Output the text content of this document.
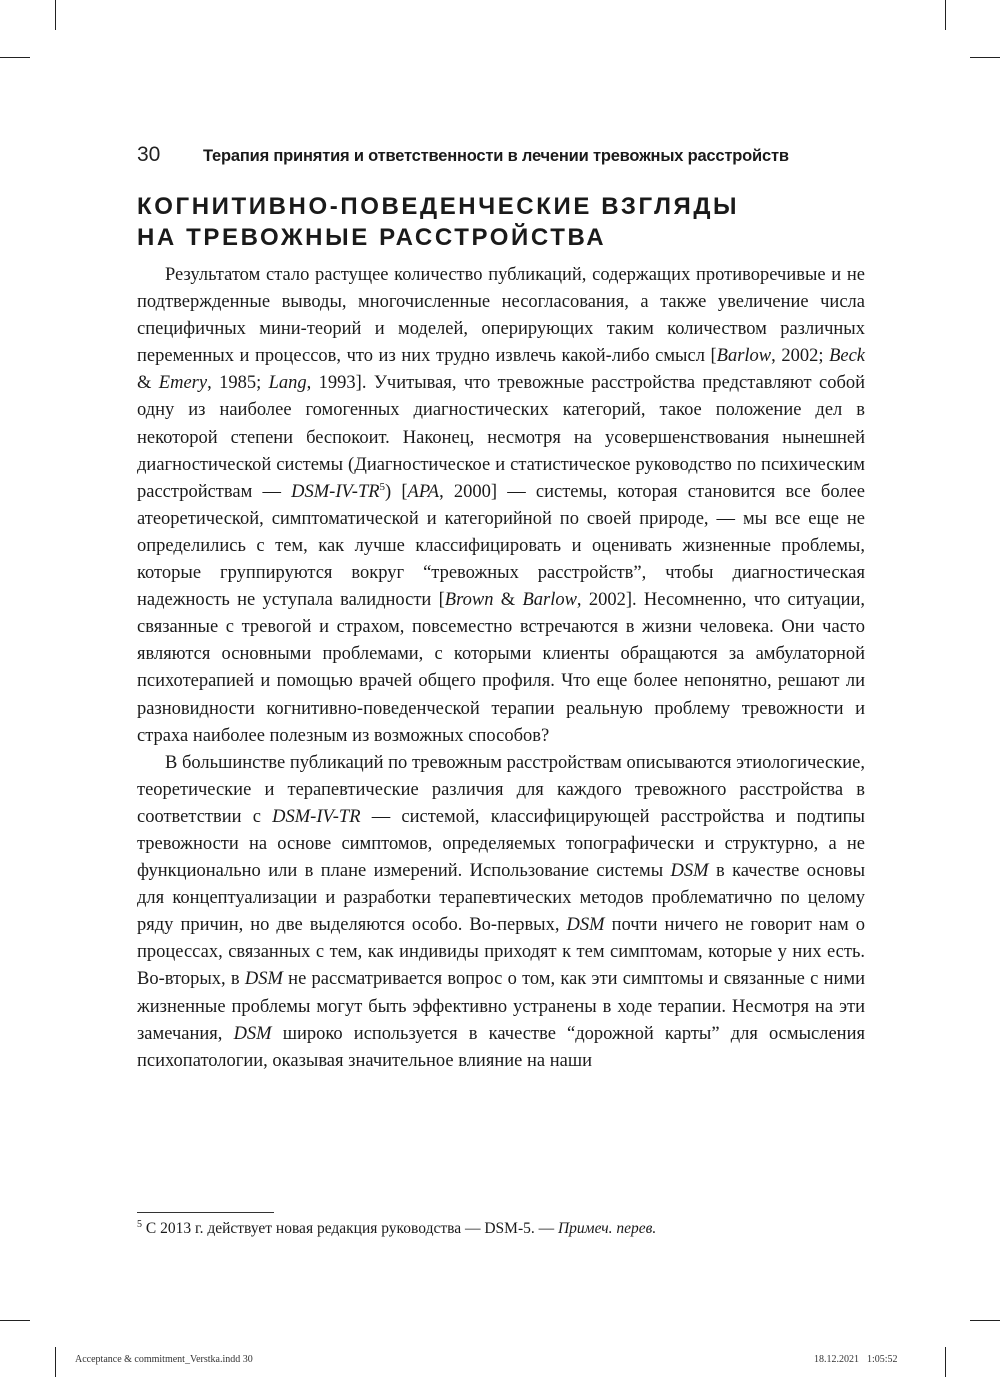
30	Терапия принятия и ответственности в лечении тревожных расстройств
КОГНИТИВНО-ПОВЕДЕНЧЕСКИЕ ВЗГЛЯДЫ
НА ТРЕВОЖНЫЕ РАССТРОЙСТВА

Результатом стало растущее количество публикаций, содержащих противоречивые и не подтвержденные выводы, многочисленные несогласования, а также увеличение числа специфичных мини-теорий и моделей, оперирующих таким количеством различных переменных и процессов, что из них трудно извлечь какой-либо смысл [Barlow, 2002; Beck & Emery, 1985; Lang, 1993]. Учитывая, что тревожные расстройства представляют собой одну из наиболее гомогенных диагностических категорий, такое положение дел в некоторой степени беспокоит. Наконец, несмотря на усовершенствования нынешней диагностической системы (Диагностическое и статистическое руководство по психическим расстройствам — DSM-$IV-TR^5$) [APA, 2000] — системы, которая становится все более атеоретической, симптоматической и категорийной по своей природе, — мы все еще не определились с тем, как лучше классифицировать и оценивать жизненные проблемы, которые группируются вокруг “тревожных расстройств”, чтобы диагностическая надежность не уступала валидности [Brown & Barlow, 2002]. Несомненно, что ситуации, связанные с тревогой и страхом, повсеместно встречаются в жизни человека. Они часто являются основными проблемами, с которыми клиенты обращаются за амбулаторной психотерапией и помощью врачей общего профиля. Что еще более непонятно, решают ли разновидности когнитивно-поведенческой терапии реальную проблему тревожности и страха наиболее полезным из возможных способов?

В большинстве публикаций по тревожным расстройствам описываются этиологические, теоретические и терапевтические различия для каждого тревожного расстройства в соответствии с DSM-IV-TR — системой, классифицирующей расстройства и подтипы тревожности на основе симптомов, определяемых топографически и структурно, а не функционально или в плане измерений. Использование системы DSM в качестве основы для концептуализации и разработки терапевтических методов проблематично по целому ряду причин, но две выделяются особо. Во-первых, DSM почти ничего не говорит нам о процессах, связанных с тем, как индивиды приходят к тем симптомам, которые у них есть. Во-вторых, в DSM не рассматривается вопрос о том, как эти симптомы и связанные с ними жизненные проблемы могут быть эффективно устранены в ходе терапии. Несмотря на эти замечания, DSM широко используется в качестве “дорожной карты” для осмысления психопатологии, оказывая значительное влияние на наши

$^5$ С 2013 г. действует новая редакция руководства — DSM-5. — Примеч. перев.
Acceptance & commitment_Verstka.indd 30	18.12.2021 1:05:52
